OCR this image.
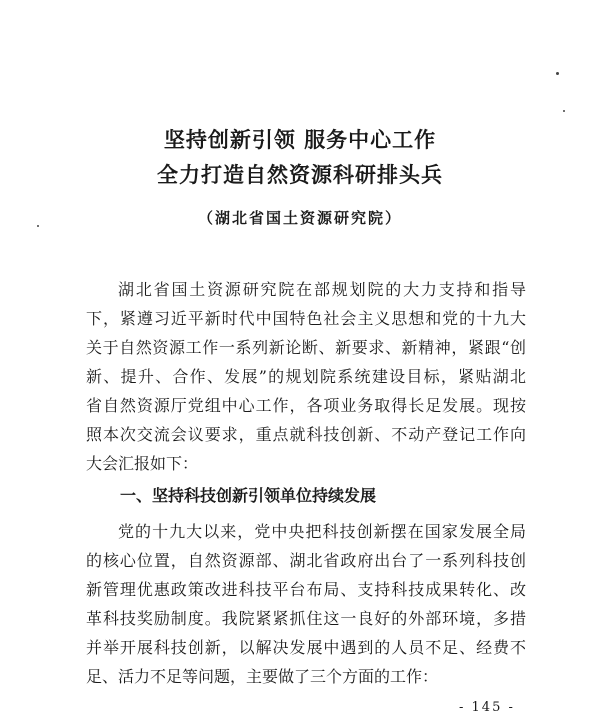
坚持创新引领 服务中心工作
全力打造自然资源科研排头兵
（湖北省国土资源研究院）
湖北省国土资源研究院在部规划院的大力支持和指导
下，紧遵习近平新时代中国特色社会主义思想和党的十九大
关于自然资源工作一系列新论断、新要求、新精神，紧跟“创
新、提升、合作、发展”的规划院系统建设目标，紧贴湖北
省自然资源厅党组中心工作，各项业务取得长足发展。现按
照本次交流会议要求，重点就科技创新、不动产登记工作向
大会汇报如下：
一、坚持科技创新引领单位持续发展
党的十九大以来，党中央把科技创新摆在国家发展全局
的核心位置，自然资源部、湖北省政府出台了一系列科技创
新管理优惠政策改进科技平台布局、支持科技成果转化、改
革科技奖励制度。我院紧紧抓住这一良好的外部环境，多措
并举开展科技创新，以解决发展中遇到的人员不足、经费不
足、活力不足等问题，主要做了三个方面的工作：
- 145 -
